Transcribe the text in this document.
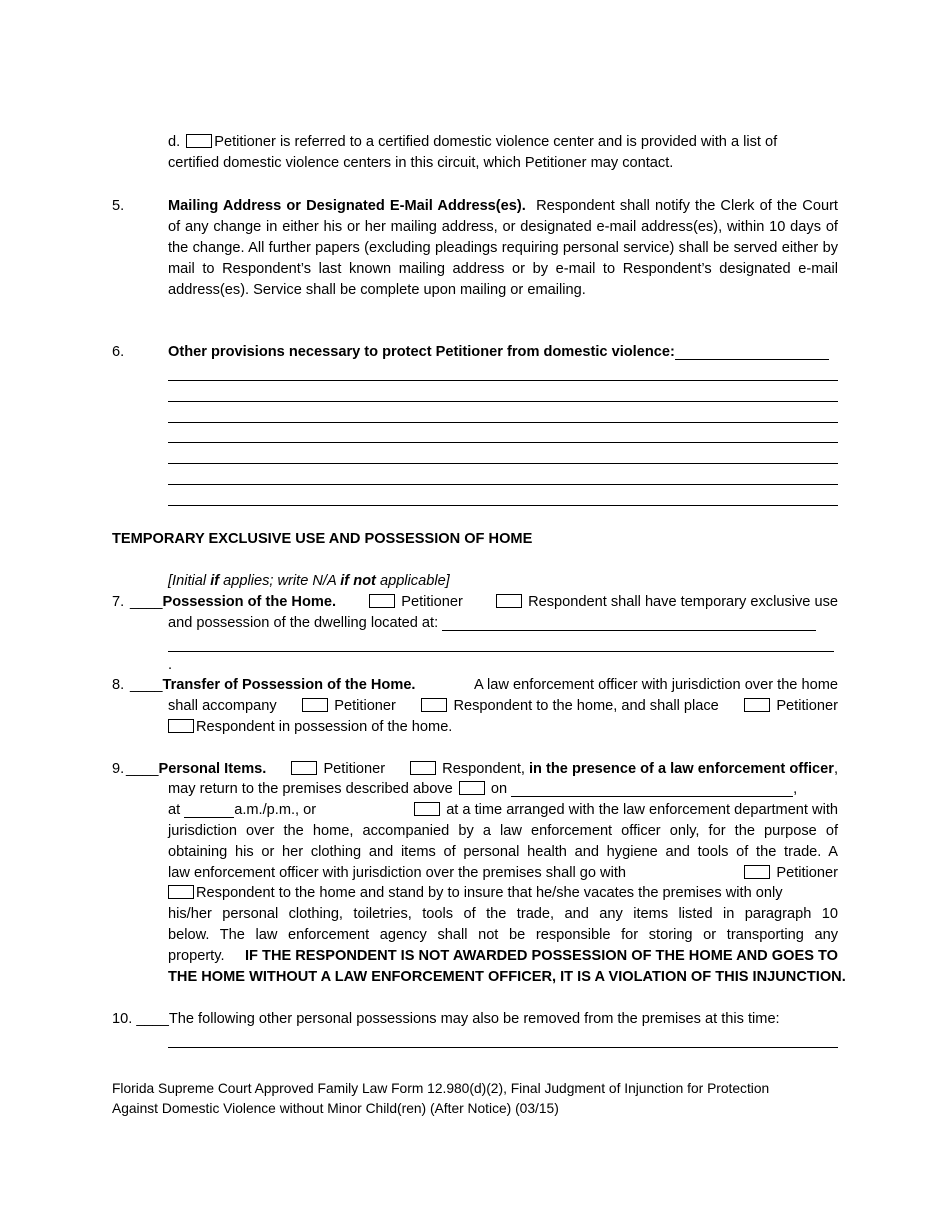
d. Petitioner is referred to a certified domestic violence center and is provided with a list of
certified domestic violence centers in this circuit, which Petitioner may contact.
5.	Mailing Address or Designated E-Mail Address(es). Respondent shall notify the Clerk of the Court of any change in either his or her mailing address, or designated e-mail address(es), within 10 days of the change. All further papers (excluding pleadings requiring personal service) shall be served either by mail to Respondent’s last known mailing address or by e-mail to Respondent’s designated e-mail address(es). Service shall be complete upon mailing or emailing.
6.	Other provisions necessary to protect Petitioner from domestic violence:
TEMPORARY EXCLUSIVE USE AND POSSESSION OF HOME
[Initial if applies; write N/A if not applicable]
7. ____Possession of the Home.	Petitioner	Respondent shall have temporary exclusive use
and possession of the dwelling located at:
.
8. ____Transfer of Possession of the Home.	A law enforcement officer with jurisdiction over the home
shall accompany	Petitioner	Respondent to the home, and shall place	Petitioner
Respondent in possession of the home.
9. ____Personal Items.	Petitioner	Respondent, in the presence of a law enforcement officer,
may return to the premises described above	on	,
at	a.m./p.m., or	at a time arranged with the law enforcement department with
jurisdiction over the home, accompanied by a law enforcement officer only, for the purpose of
obtaining his or her clothing and items of personal health and hygiene and tools of the trade. A
law enforcement officer with jurisdiction over the premises shall go with	Petitioner
Respondent to the home and stand by to insure that he/she vacates the premises with only
his/her personal clothing, toiletries, tools of the trade, and any items listed in paragraph 10
below. The law enforcement agency shall not be responsible for storing or transporting any
property. IF THE RESPONDENT IS NOT AWARDED POSSESSION OF THE HOME AND GOES TO
THE HOME WITHOUT A LAW ENFORCEMENT OFFICER, IT IS A VIOLATION OF THIS INJUNCTION.
10. ____The following other personal possessions may also be removed from the premises at this time:
Florida Supreme Court Approved Family Law Form 12.980(d)(2), Final Judgment of Injunction for Protection
Against Domestic Violence without Minor Child(ren) (After Notice) (03/15)
